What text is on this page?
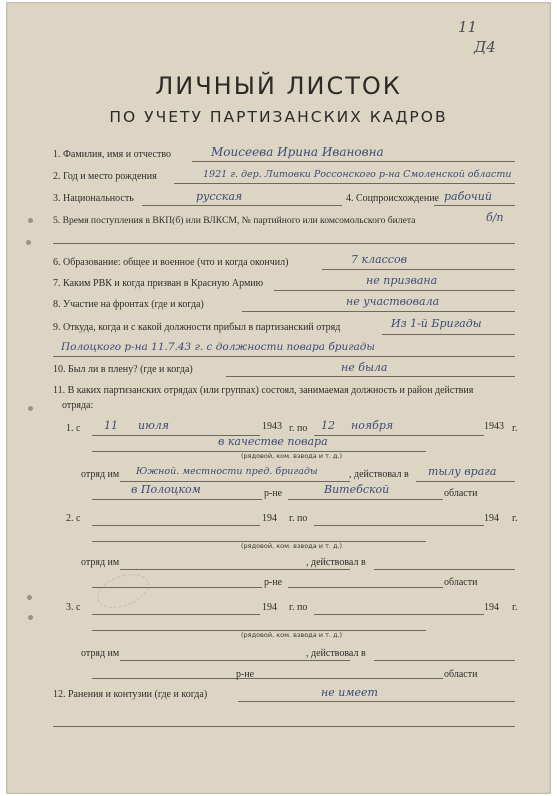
11
Д4
ЛИЧНЫЙ ЛИСТОК
ПО УЧЕТУ ПАРТИЗАНСКИХ КАДРОВ
1. Фамилия, имя и отчество	Моисеева Ирина Ивановна
2. Год и место рождения	1921 г. дер. Литовки Россонского р-на Смоленской области
3. Национальность	русская	4. Соцпроисхождение рабочий
5. Время поступления в ВКП(б) или ВЛКСМ, № партийного или комсомольского билета	б/п
6. Образование: общее и военное (что и когда окончил)	7 классов
7. Каким РВК и когда призван в Красную Армию	не призвана
8. Участие на фронтах (где и когда)	не участвовала
9. Откуда, когда и с какой должности прибыл в партизанский отряд	Из 1-й Бригады
Полоцкого р-на 11.7.43 г. с должности повара бригады
10. Был ли в плену? (где и когда)	не была
11. В каких партизанских отрядах (или группах) состоял, занимаемая должность и район действия
отряда:
1. с 11 июля	1943 г. по 12 ноября	1943 г.
в качестве повара
(рядовой, ком. взвода и т. д.)
отряд им Южной. местности пред. бригады	, действовал в тылу врага
в Полоцком	р-не	Витебской	области
2. с	194 г. по	194 г.
(рядовой, ком. взвода и т. д.)
отряд им	, действовал в
р-не	области
3. с	194 г. по	194 г.
(рядовой, ком. взвода и т. д.)
отряд им	, действовал в
р-не	области
12. Ранения и контузии (где и когда)	не имеет
